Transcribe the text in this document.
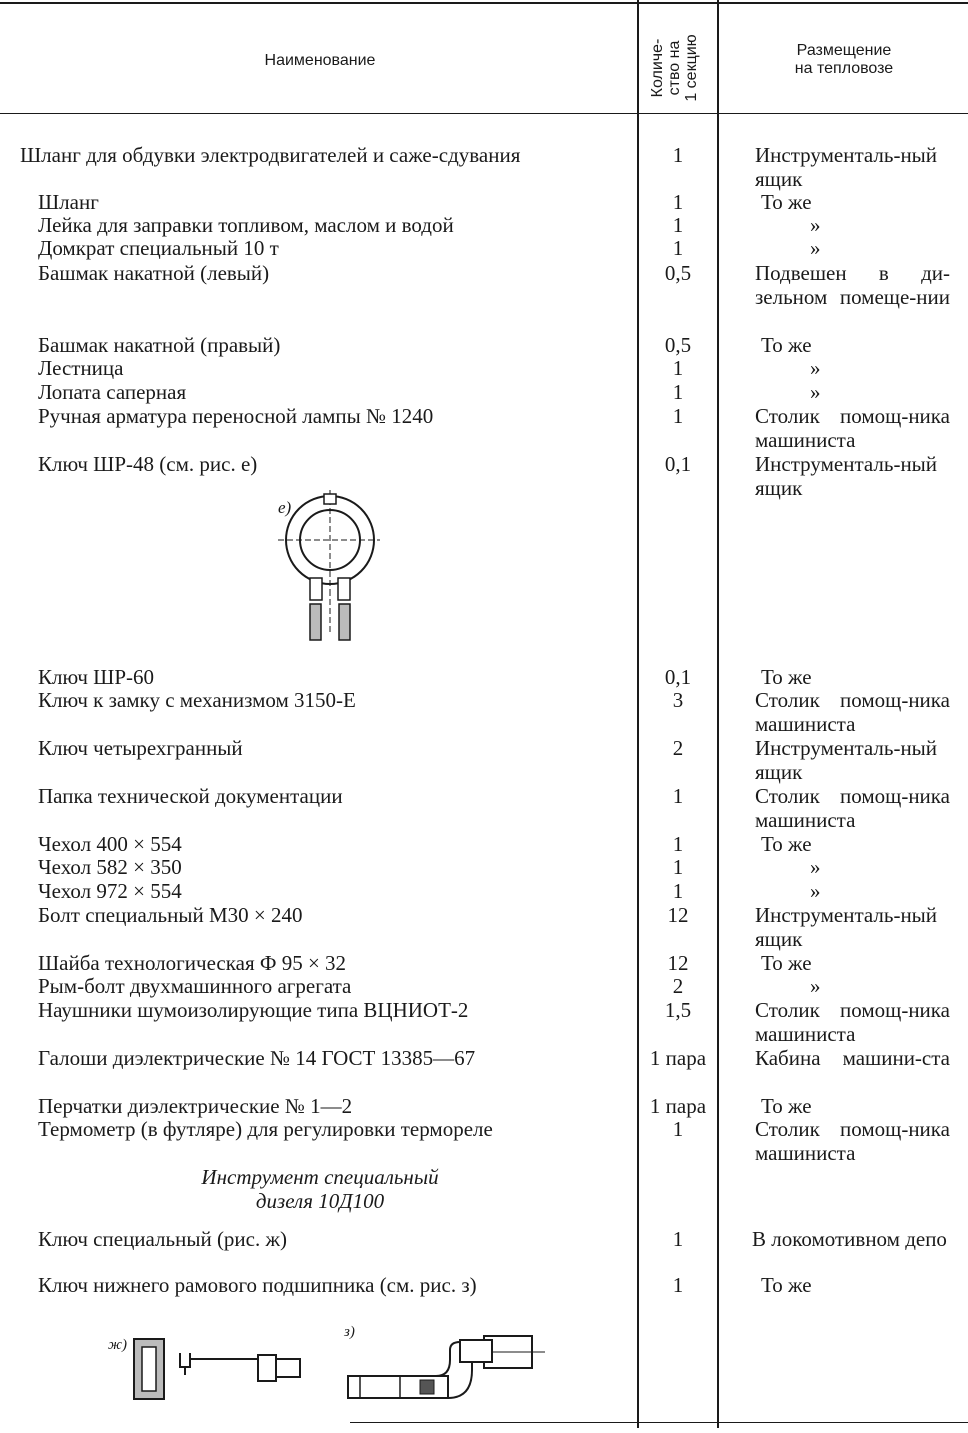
Наименование	Количе- ство на 1 секцию	Размещение
на тепловозе
Шланг для обдувки электродвигателей и саже-сдувания	1	Инструменталь-ный ящик
Шланг	1	То же
Лейка для заправки топливом, маслом и водой	1	»
Домкрат специальный 10 т	1	»
Башмак накатной (левый)	0,5	Подвешен в ди-зельном помеще-нии
Башмак накатной (правый)	0,5	То же
Лестница	1	»
Лопата саперная	1	»
Ручная арматура переносной лампы № 1240	1	Столик помощ-ника машиниста
Ключ ШР-48 (см. рис. е)	0,1	Инструменталь-ный ящик
е)
Ключ ШР-60	0,1	То же
Ключ к замку с механизмом 3150-Е	3	Столик помощ-ника машиниста
Ключ четырехгранный	2	Инструменталь-ный ящик
Папка технической документации	1	Столик помощ-ника машиниста
Чехол 400 × 554	1	То же
Чехол 582 × 350	1	»
Чехол 972 × 554	1	»
Болт специальный М30 × 240	12	Инструменталь-ный ящик
Шайба технологическая Ф 95 × 32	12	То же
Рым-болт двухмашинного агрегата	2	»
Наушники шумоизолирующие типа ВЦНИОТ-2	1,5	Столик помощ-ника машиниста
Галоши диэлектрические № 14 ГОСТ 13385—67	1 пара	Кабина машини-ста
Перчатки диэлектрические № 1—2	1 пара	То же
Термометр (в футляре) для регулировки термореле	1	Столик помощ-ника машиниста
Инструмент специальный
дизеля 10Д100
Ключ специальный (рис. ж)	1	В локомотивном депо
Ключ нижнего рамового подшипника (см. рис. з)	1	То же
ж)
з)
